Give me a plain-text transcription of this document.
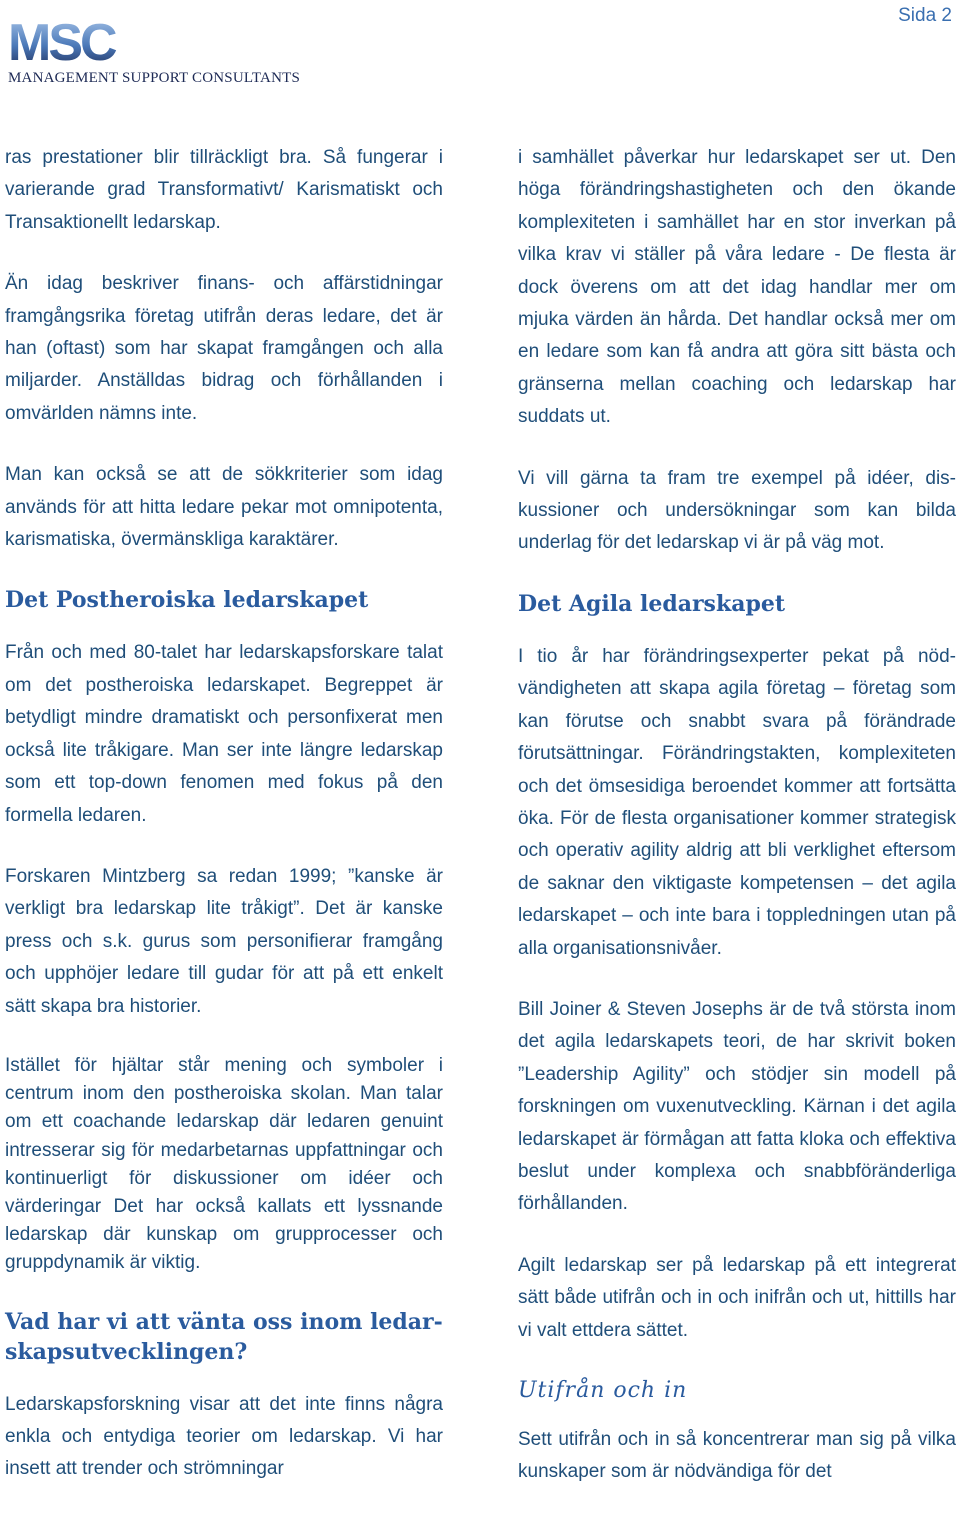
MSC
MANAGEMENT SUPPORT CONSULTANTS
Sida 2

ras prestationer blir tillräckligt bra. Så fungerar i varierande grad Transformativt/ Karismatiskt och Transaktionellt ledarskap.

Än idag beskriver finans- och affärstidningar framgångsrika företag utifrån deras ledare, det är han (oftast) som har skapat framgången och alla miljarder. Anställdas bidrag och förhållanden i omvärlden nämns inte.

Man kan också se att de sökkriterier som idag används för att hitta ledare pekar mot omnipotenta, karismatiska, övermänskliga karaktärer.

Det Postheroiska ledarskapet

Från och med 80-talet har ledarskapsforskare talat om det postheroiska ledarskapet. Begreppet är betydligt mindre dramatiskt och personfixerat men också lite tråkigare. Man ser inte längre ledarskap som ett top-down fenomen med fokus på den formella ledaren.

Forskaren Mintzberg sa redan 1999; ”kanske är verkligt bra ledarskap lite tråkigt”. Det är kanske press och s.k. gurus som personifierar framgång och upphöjer ledare till gudar för att på ett enkelt sätt skapa bra historier.

Istället för hjältar står mening och symboler i centrum inom den postheroiska skolan. Man talar om ett coachande ledarskap där ledaren genuint intresserar sig för medarbetarnas uppfattningar och kontinuerligt för diskussioner om idéer och värderingar Det har också kallats ett lyssnande ledarskap där kunskap om grupprocesser och gruppdynamik är viktig.

Vad har vi att vänta oss inom ledarskapsutvecklingen?

Ledarskapsforskning visar att det inte finns några enkla och entydiga teorier om ledarskap. Vi har insett att trender och strömningar

i samhället påverkar hur ledarskapet ser ut. Den höga förändringshastigheten och den ökande komplexiteten i samhället har en stor inverkan på vilka krav vi ställer på våra ledare - De flesta är dock överens om att det idag handlar mer om mjuka värden än hårda. Det handlar också mer om en ledare som kan få andra att göra sitt bästa och gränserna mellan coaching och ledarskap har suddats ut.

Vi vill gärna ta fram tre exempel på idéer, diskussioner och undersökningar som kan bilda underlag för det ledarskap vi är på väg mot.

Det Agila ledarskapet

I tio år har förändringsexperter pekat på nödvändigheten att skapa agila företag – företag som kan förutse och snabbt svara på förändrade förutsättningar. Förändringstakten, komplexiteten och det ömsesidiga beroendet kommer att fortsätta öka. För de flesta organisationer kommer strategisk och operativ agility aldrig att bli verklighet eftersom de saknar den viktigaste kompetensen – det agila ledarskapet – och inte bara i toppledningen utan på alla organisationsnivåer.

Bill Joiner & Steven Josephs är de två största inom det agila ledarskapets teori, de har skrivit boken ”Leadership Agility” och stödjer sin modell på forskningen om vuxenutveckling. Kärnan i det agila ledarskapet är förmågan att fatta kloka och effektiva beslut under komplexa och snabbföränderliga förhållanden.

Agilt ledarskap ser på ledarskap på ett integrerat sätt både utifrån och in och inifrån och ut, hittills har vi valt ettdera sättet.

Utifrån och in

Sett utifrån och in så koncentrerar man sig på vilka kunskaper som är nödvändiga för det
